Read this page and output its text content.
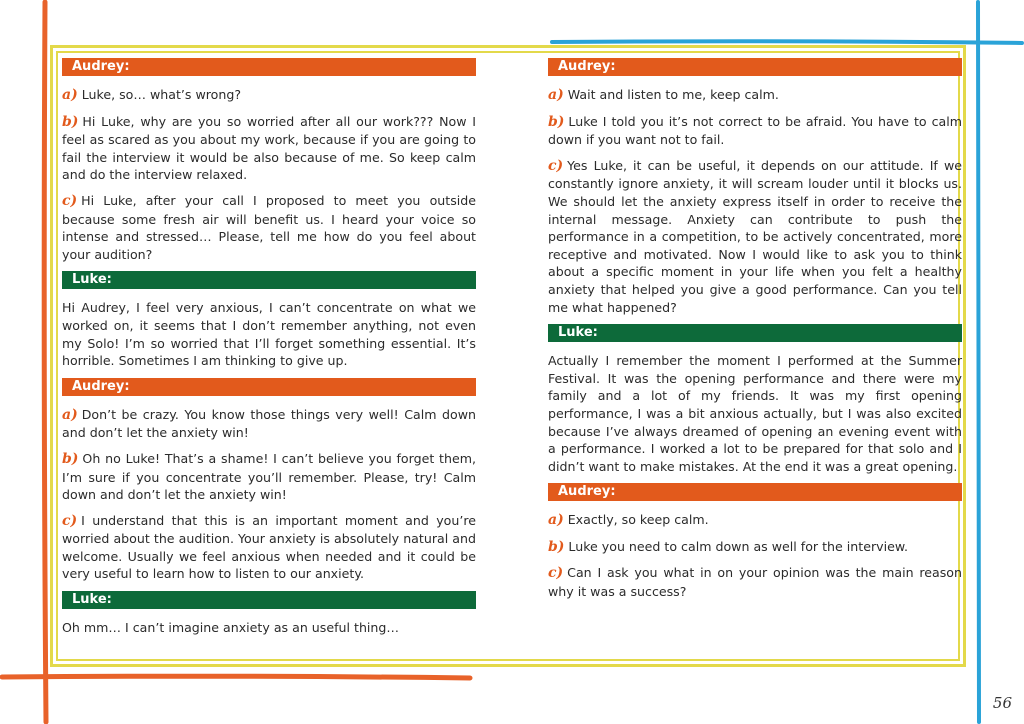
Audrey:

a) Luke, so… what’s wrong?

b) Hi Luke, why are you so worried after all our work??? Now I feel as scared as you about my work, because if you are going to fail the interview it would be also because of me. So keep calm and do the interview relaxed.

c) Hi Luke, after your call I proposed to meet you outside because some fresh air will benefit us. I heard your voice so intense and stressed… Please, tell me how do you feel about your audition?

Luke:

Hi Audrey, I feel very anxious, I can’t concentrate on what we worked on, it seems that I don’t remember anything, not even my Solo! I’m so worried that I’ll forget something essential. It’s horrible. Sometimes I am thinking to give up.

Audrey:

a) Don’t be crazy. You know those things very well! Calm down and don’t let the anxiety win!

b) Oh no Luke! That’s a shame! I can’t believe you forget them, I’m sure if you concentrate you’ll remember. Please, try! Calm down and don’t let the anxiety win!

c) I understand that this is an important moment and you’re worried about the audition. Your anxiety is absolutely natural and welcome. Usually we feel anxious when needed and it could be very useful to learn how to listen to our anxiety.

Luke:

Oh mm… I can’t imagine anxiety as an useful thing…

Audrey:

a) Wait and listen to me, keep calm.

b) Luke I told you it’s not correct to be afraid. You have to calm down if you want not to fail.

c) Yes Luke, it can be useful, it depends on our attitude. If we constantly ignore anxiety, it will scream louder until it blocks us. We should let the anxiety express itself in order to receive the internal message. Anxiety can contribute to push the performance in a competition, to be actively concentrated, more receptive and motivated. Now I would like to ask you to think about a specific moment in your life when you felt a healthy anxiety that helped you give a good performance. Can you tell me what happened?

Luke:

Actually I remember the moment I performed at the Summer Festival. It was the opening performance and there were my family and a lot of my friends. It was my first opening performance, I was a bit anxious actually, but I was also excited because I’ve always dreamed of opening an evening event with a performance. I worked a lot to be prepared for that solo and I didn’t want to make mistakes. At the end it was a great opening.

Audrey:

a) Exactly, so keep calm.

b) Luke you need to calm down as well for the interview.

c) Can I ask you what in on your opinion was the main reason why it was a success?

56
